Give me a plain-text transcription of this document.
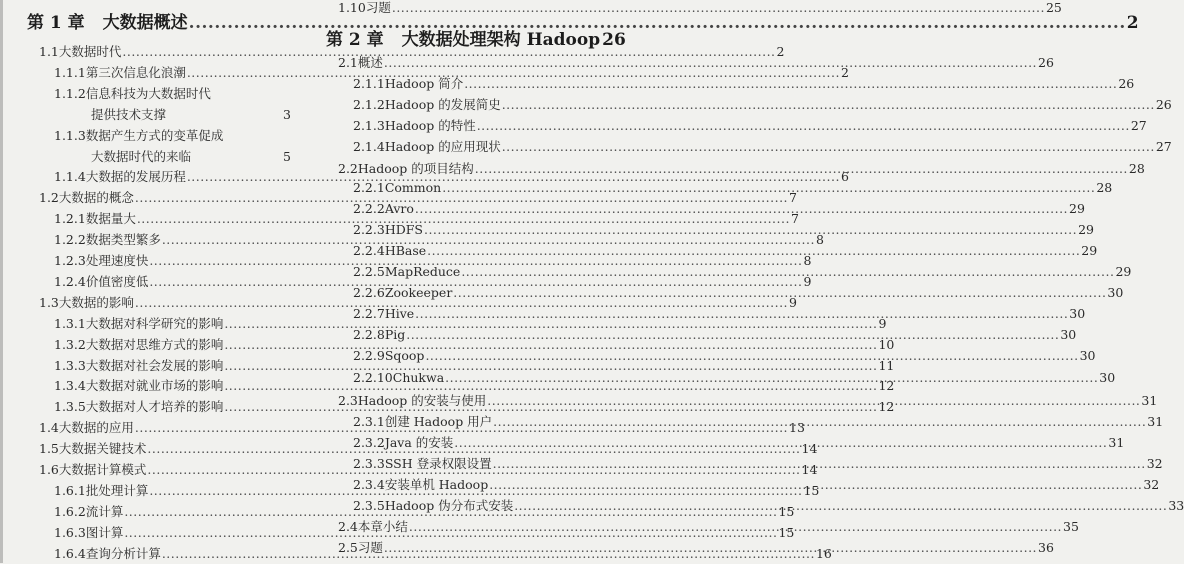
第 1 章 大数据概述 .....	2
1.1 大数据时代 .....	2
1.1.1 第三次信息化浪潮 .....	2
1.1.2 信息科技为大数据时代
提供技术支撑	3
1.1.3 数据产生方式的变革促成
大数据时代的来临	5
1.1.4 大数据的发展历程 .....	6
1.2 大数据的概念 .....	7
1.2.1 数据量大 .....	7
1.2.2 数据类型繁多 .....	8
1.2.3 处理速度快 .....	8
1.2.4 价值密度低 .....	9
1.3 大数据的影响 .....	9
1.3.1 大数据对科学研究的影响 .....	9
1.3.2 大数据对思维方式的影响 .....	10
1.3.3 大数据对社会发展的影响 .....	11
1.3.4 大数据对就业市场的影响 .....	12
1.3.5 大数据对人才培养的影响 .....	12
1.4 大数据的应用 .....	13
1.5 大数据关键技术 .....	14
1.6 大数据计算模式 .....	14
1.6.1 批处理计算 .....	15
1.6.2 流计算 .....	15
1.6.3 图计算 .....	15
1.6.4 查询分析计算 .....	16
第 2 章 大数据处理架构 Hadoop 26
1.10 习题 .....	25
2.1 概述 .....	26
2.1.1 Hadoop 简介 .....	26
2.1.2 Hadoop 的发展简史 .....	26
2.1.3 Hadoop 的特性 .....	27
2.1.4 Hadoop 的应用现状 .....	27
2.2 Hadoop 的项目结构 .....	28
2.2.1 Common .....	28
2.2.2 Avro .....	29
2.2.3 HDFS .....	29
2.2.4 HBase .....	29
2.2.5 MapReduce .....	29
2.2.6 Zookeeper .....	30
2.2.7 Hive .....	30
2.2.8 Pig .....	30
2.2.9 Sqoop .....	30
2.2.10 Chukwa .....	30
2.3 Hadoop 的安装与使用 .....	31
2.3.1 创建 Hadoop 用户 .....	31
2.3.2 Java 的安装 .....	31
2.3.3 SSH 登录权限设置 .....	32
2.3.4 安装单机 Hadoop .....	32
2.3.5 Hadoop 伪分布式安装 .....	33
2.4 本章小结 .....	35
2.5 习题 .....	36
